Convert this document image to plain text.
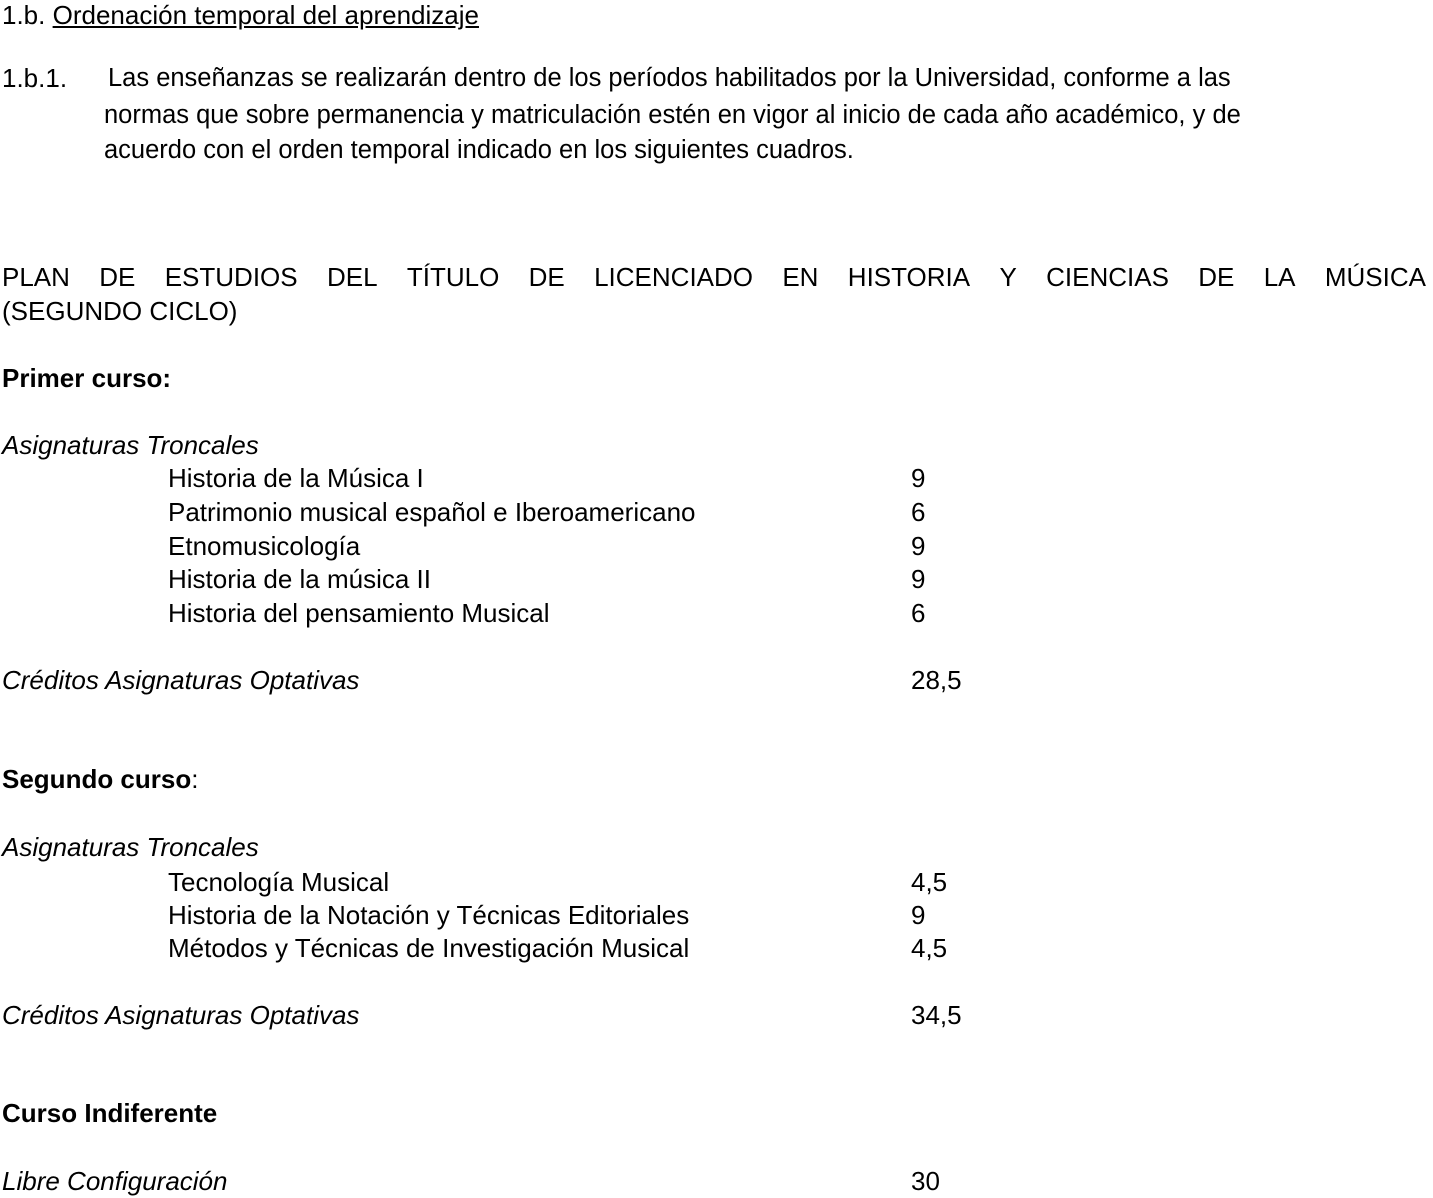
1.b. Ordenación temporal del aprendizaje
1.b.1. Las enseñanzas se realizarán dentro de los períodos habilitados por la Universidad, conforme a las
normas que sobre permanencia y matriculación estén en vigor al inicio de cada año académico, y de
acuerdo con el orden temporal indicado en los siguientes cuadros.
PLAN DE ESTUDIOS DEL TÍTULO DE LICENCIADO EN HISTORIA Y CIENCIAS DE LA MÚSICA
(SEGUNDO CICLO)
Primer curso:
Asignaturas Troncales
Historia de la Música I	9
Patrimonio musical español e Iberoamericano	6
Etnomusicología	9
Historia de la música II	9
Historia del pensamiento Musical	6
Créditos Asignaturas Optativas	28,5
Segundo curso:
Asignaturas Troncales
Tecnología Musical	4,5
Historia de la Notación y Técnicas Editoriales	9
Métodos y Técnicas de Investigación Musical	4,5
Créditos Asignaturas Optativas	34,5
Curso Indiferente
Libre Configuración	30
